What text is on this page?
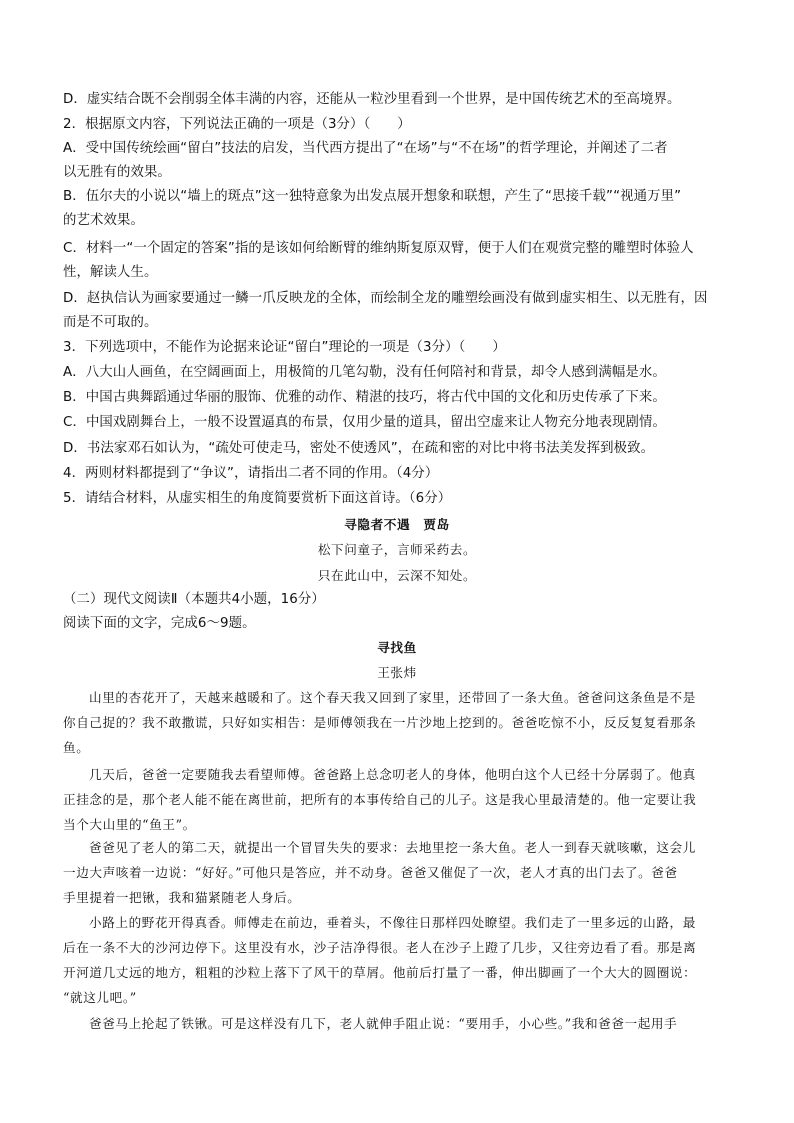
D．虚实结合既不会削弱全体丰满的内容，还能从一粒沙里看到一个世界，是中国传统艺术的至高境界。
2．根据原文内容，下列说法正确的一项是（3分）（　　）
A．受中国传统绘画“留白”技法的启发，当代西方提出了“在场”与“不在场”的哲学理论，并阐述了二者
以无胜有的效果。
B．伍尔夫的小说以“墙上的斑点”这一独特意象为出发点展开想象和联想，产生了“思接千载”“视通万里”
的艺术效果。
C．材料一“一个固定的答案”指的是该如何给断臂的维纳斯复原双臂，便于人们在观赏完整的雕塑时体验人
性，解读人生。
D．赵执信认为画家要通过一鳞一爪反映龙的全体，而绘制全龙的雕塑绘画没有做到虚实相生、以无胜有，因
而是不可取的。
3．下列选项中，不能作为论据来论证“留白”理论的一项是（3分）（　　）
A．八大山人画鱼，在空阔画面上，用极简的几笔勾勒，没有任何陪衬和背景，却令人感到满幅是水。
B．中国古典舞蹈通过华丽的服饰、优雅的动作、精湛的技巧，将古代中国的文化和历史传承了下来。
C．中国戏剧舞台上，一般不设置逼真的布景，仅用少量的道具，留出空虚来让人物充分地表现剧情。
D．书法家邓石如认为，“疏处可使走马，密处不使透风”，在疏和密的对比中将书法美发挥到极致。
4．两则材料都提到了“争议”，请指出二者不同的作用。（4分）
5．请结合材料，从虚实相生的角度简要赏析下面这首诗。（6分）
寻隐者不遇　贾岛
松下问童子，言师采药去。
只在此山中，云深不知处。
（二）现代文阅读Ⅱ（本题共4小题，16分）
阅读下面的文字，完成6～9题。
寻找鱼
王张炜
山里的杏花开了，天越来越暖和了。这个春天我又回到了家里，还带回了一条大鱼。爸爸问这条鱼是不是
你自己捉的？我不敢撒谎，只好如实相告：是师傅领我在一片沙地上挖到的。爸爸吃惊不小，反反复复看那条
鱼。
几天后，爸爸一定要随我去看望师傅。爸爸路上总念叨老人的身体，他明白这个人已经十分孱弱了。他真
正挂念的是，那个老人能不能在离世前，把所有的本事传给自己的儿子。这是我心里最清楚的。他一定要让我
当个大山里的“鱼王”。
爸爸见了老人的第二天，就提出一个冒冒失失的要求：去地里挖一条大鱼。老人一到春天就咳嗽，这会儿
一边大声咳着一边说：“好好。”可他只是答应，并不动身。爸爸又催促了一次，老人才真的出门去了。爸爸
手里提着一把锹，我和猫紧随老人身后。
小路上的野花开得真香。师傅走在前边，垂着头，不像往日那样四处瞭望。我们走了一里多远的山路，最
后在一条不大的沙河边停下。这里没有水，沙子洁净得很。老人在沙子上蹬了几步，又往旁边看了看。那是离
开河道几丈远的地方，粗粗的沙粒上落下了风干的草屑。他前后打量了一番，伸出脚画了一个大大的圆圈说：
“就这儿吧。”
爸爸马上抡起了铁锹。可是这样没有几下，老人就伸手阻止说：“要用手，小心些。”我和爸爸一起用手
